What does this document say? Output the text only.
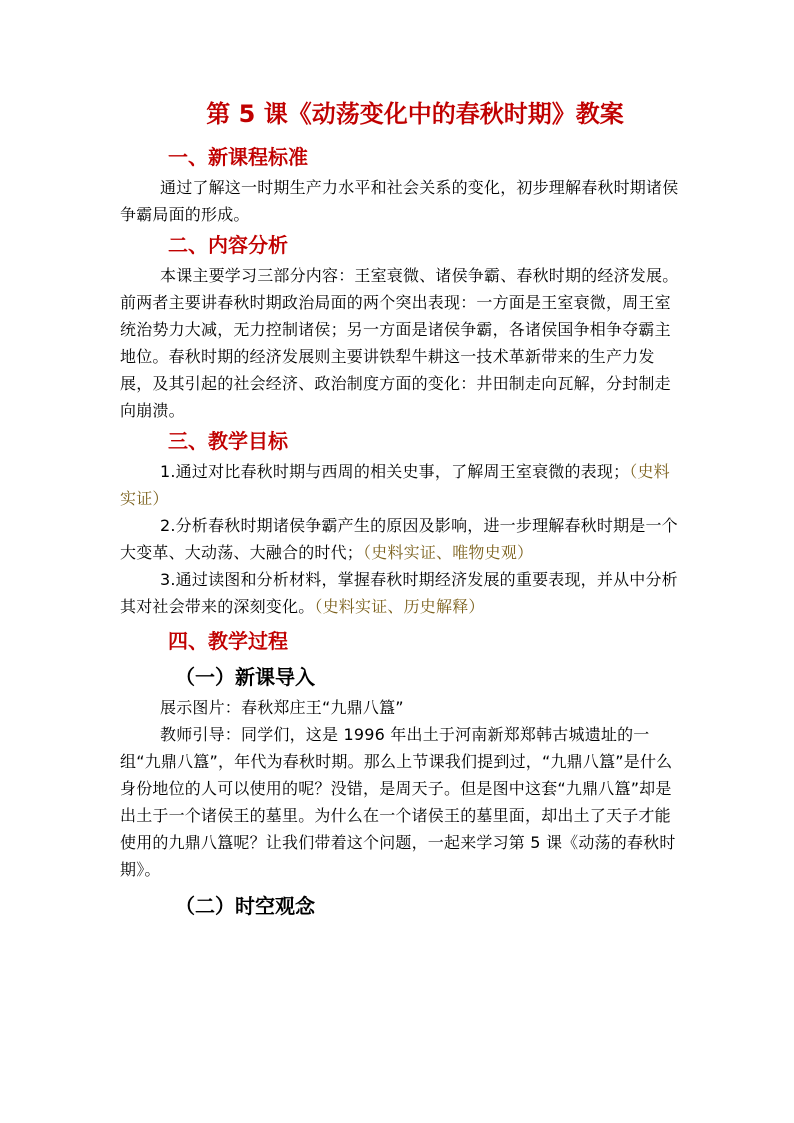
第 5 课《动荡变化中的春秋时期》教案
一、新课程标准

通过了解这一时期生产力水平和社会关系的变化，初步理解春秋时期诸侯争霸局面的形成。

二、内容分析

本课主要学习三部分内容：王室衰微、诸侯争霸、春秋时期的经济发展。前两者主要讲春秋时期政治局面的两个突出表现：一方面是王室衰微，周王室统治势力大减，无力控制诸侯；另一方面是诸侯争霸，各诸侯国争相争夺霸主地位。春秋时期的经济发展则主要讲铁犁牛耕这一技术革新带来的生产力发展，及其引起的社会经济、政治制度方面的变化：井田制走向瓦解，分封制走向崩溃。

三、教学目标

1.通过对比春秋时期与西周的相关史事，了解周王室衰微的表现；（史料实证）

2.分析春秋时期诸侯争霸产生的原因及影响，进一步理解春秋时期是一个大变革、大动荡、大融合的时代；（史料实证、唯物史观）

3.通过读图和分析材料，掌握春秋时期经济发展的重要表现，并从中分析其对社会带来的深刻变化。（史料实证、历史解释）

四、教学过程
（一）新课导入

展示图片：春秋郑庄王“九鼎八簋”

教师引导：同学们，这是 1996 年出土于河南新郑郑韩古城遗址的一组“九鼎八簋”，年代为春秋时期。那么上节课我们提到过，“九鼎八簋”是什么身份地位的人可以使用的呢？没错，是周天子。但是图中这套“九鼎八簋”却是出土于一个诸侯王的墓里。为什么在一个诸侯王的墓里面，却出土了天子才能使用的九鼎八簋呢？让我们带着这个问题，一起来学习第 5 课《动荡的春秋时期》。

（二）时空观念
